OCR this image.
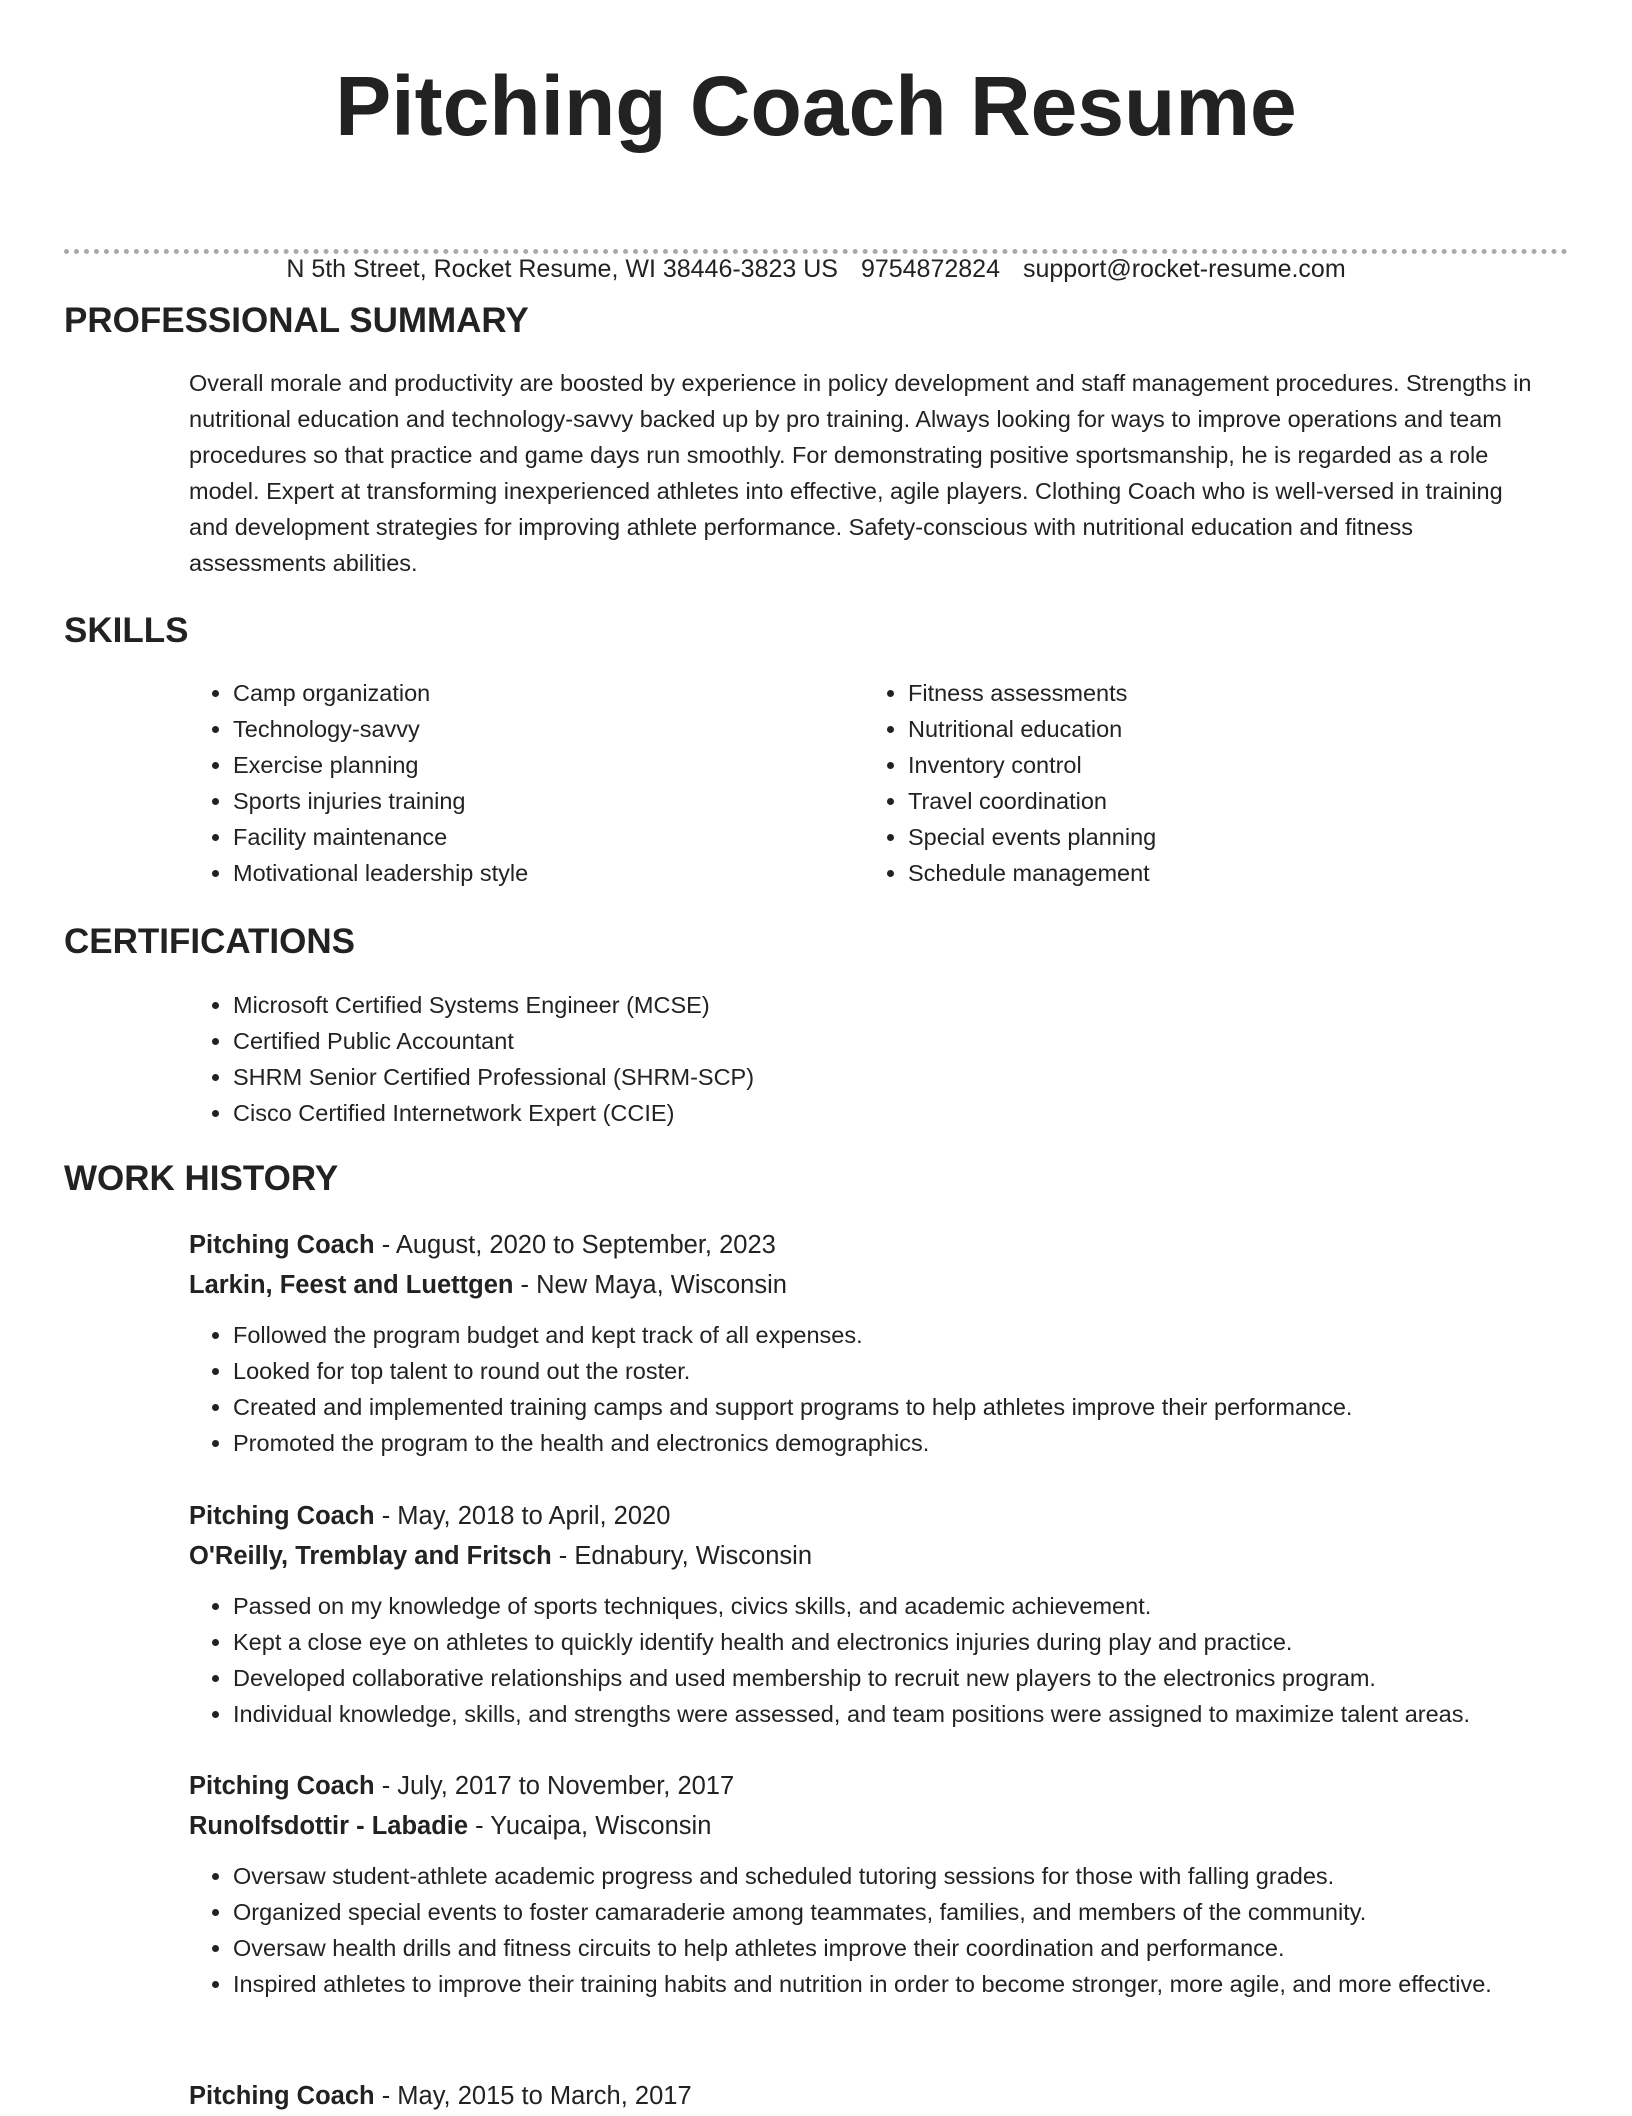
Pitching Coach Resume
N 5th Street, Rocket Resume, WI 38446-3823 US 9754872824 support@rocket-resume.com
PROFESSIONAL SUMMARY

Overall morale and productivity are boosted by experience in policy development and staff management procedures. Strengths in nutritional education and technology-savvy backed up by pro training. Always looking for ways to improve operations and team procedures so that practice and game days run smoothly. For demonstrating positive sportsmanship, he is regarded as a role model. Expert at transforming inexperienced athletes into effective, agile players. Clothing Coach who is well-versed in training and development strategies for improving athlete performance. Safety-conscious with nutritional education and fitness assessments abilities.

SKILLS
• Camp organization
• Technology-savvy
• Exercise planning
• Sports injuries training
• Facility maintenance
• Motivational leadership style
• Fitness assessments
• Nutritional education
• Inventory control
• Travel coordination
• Special events planning
• Schedule management
CERTIFICATIONS
• Microsoft Certified Systems Engineer (MCSE)
• Certified Public Accountant
• SHRM Senior Certified Professional (SHRM-SCP)
• Cisco Certified Internetwork Expert (CCIE)
WORK HISTORY

Pitching Coach - August, 2020 to September, 2023

Larkin, Feest and Luettgen - New Maya, Wisconsin

• Followed the program budget and kept track of all expenses.
• Looked for top talent to round out the roster.
• Created and implemented training camps and support programs to help athletes improve their performance.
• Promoted the program to the health and electronics demographics.

Pitching Coach - May, 2018 to April, 2020

O'Reilly, Tremblay and Fritsch - Ednabury, Wisconsin

• Passed on my knowledge of sports techniques, civics skills, and academic achievement.
• Kept a close eye on athletes to quickly identify health and electronics injuries during play and practice.
• Developed collaborative relationships and used membership to recruit new players to the electronics program.
• Individual knowledge, skills, and strengths were assessed, and team positions were assigned to maximize talent areas.

Pitching Coach - July, 2017 to November, 2017

Runolfsdottir - Labadie - Yucaipa, Wisconsin

• Oversaw student-athlete academic progress and scheduled tutoring sessions for those with falling grades.
• Organized special events to foster camaraderie among teammates, families, and members of the community.
• Oversaw health drills and fitness circuits to help athletes improve their coordination and performance.
• Inspired athletes to improve their training habits and nutrition in order to become stronger, more agile, and more effective.

Pitching Coach - May, 2015 to March, 2017
